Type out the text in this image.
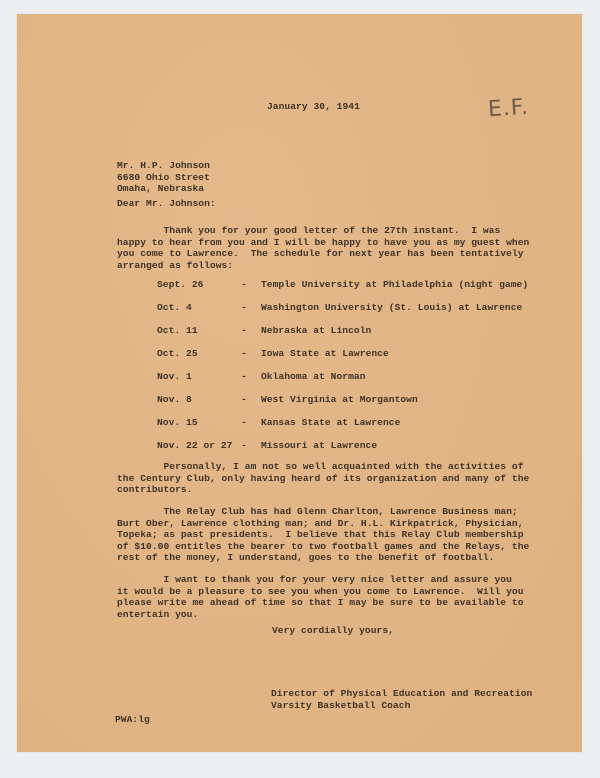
January 30, 1941	E.F.
Mr. H.P. Johnson
6680 Ohio Street
Omaha, Nebraska
Dear Mr. Johnson:
Thank you for your good letter of the 27th instant.  I was
happy to hear from you and I will be happy to have you as my guest when
you come to Lawrence.  The schedule for next year has been tentatively
arranged as follows:
Sept. 26	- Temple University at Philadelphia (night game)
Oct. 4	- Washington University (St. Louis) at Lawrence
Oct. 11	- Nebraska at Lincoln
Oct. 25	- Iowa State at Lawrence
Nov. 1	- Oklahoma at Norman
Nov. 8	- West Virginia at Morgantown
Nov. 15	- Kansas State at Lawrence
Nov. 22 or 27 - Missouri at Lawrence
Personally, I am not so well acquainted with the activities of
the Century Club, only having heard of its organization and many of the
contributors.
The Relay Club has had Glenn Charlton, Lawrence Business man;
Burt Ober, Lawrence clothing man; and Dr. H.L. Kirkpatrick, Physician,
Topeka; as past presidents.  I believe that this Relay Club membership
of $10.00 entitles the bearer to two football games and the Relays, the
rest of the money, I understand, goes to the benefit of football.
I want to thank you for your very nice letter and assure you
it would be a pleasure to see you when you come to Lawrence.  Will you
please write me ahead of time so that I may be sure to be available to
entertain you.
Very cordially yours,
Director of Physical Education and Recreation
Varsity Basketball Coach
PWA:lg
